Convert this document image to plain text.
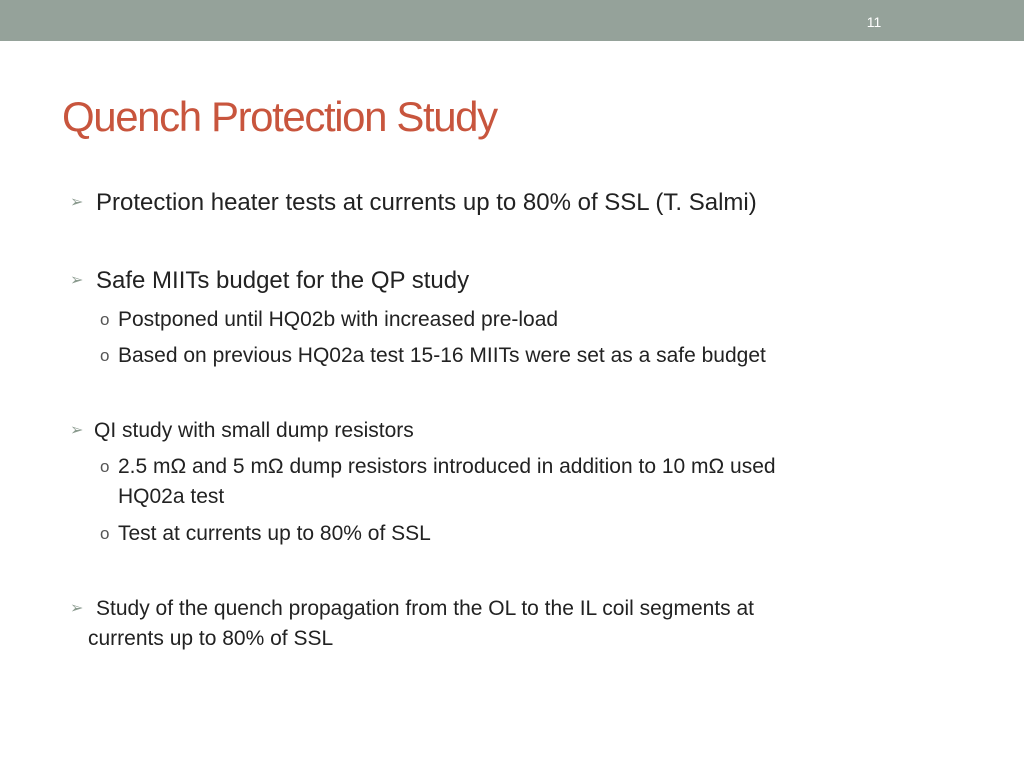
11
Quench Protection Study
➢ Protection heater tests at currents up to 80% of SSL (T. Salmi)
➢ Safe MIITs budget for the QP study
o Postponed until HQ02b with increased pre-load
o Based on previous HQ02a test 15-16 MIITs were set as a safe budget
➢ QI study with small dump resistors
o 2.5 mΩ and 5 mΩ dump resistors introduced in addition to 10 mΩ used
HQ02a test
o Test at currents up to 80% of SSL
➢ Study of the quench propagation from the OL to the IL coil segments at
currents up to 80% of SSL
